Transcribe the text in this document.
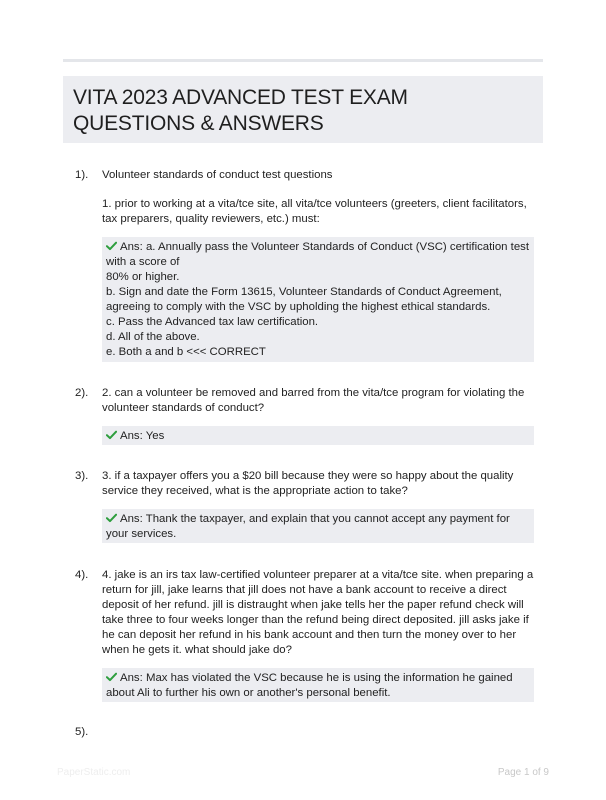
VITA 2023 ADVANCED TEST EXAM QUESTIONS & ANSWERS
1). Volunteer standards of conduct test questions

1. prior to working at a vita/tce site, all vita/tce volunteers (greeters, client facilitators, tax preparers, quality reviewers, etc.) must:

Ans: a. Annually pass the Volunteer Standards of Conduct (VSC) certification test with a score of
80% or higher.
b. Sign and date the Form 13615, Volunteer Standards of Conduct Agreement, agreeing to comply with the VSC by upholding the highest ethical standards.
c. Pass the Advanced tax law certification.
d. All of the above.
e. Both a and b <<< CORRECT
2). 2. can a volunteer be removed and barred from the vita/tce program for violating the volunteer standards of conduct?

Ans: Yes
3). 3. if a taxpayer offers you a $20 bill because they were so happy about the quality service they received, what is the appropriate action to take?

Ans: Thank the taxpayer, and explain that you cannot accept any payment for your services.
4). 4. jake is an irs tax law-certified volunteer preparer at a vita/tce site. when preparing a return for jill, jake learns that jill does not have a bank account to receive a direct deposit of her refund. jill is distraught when jake tells her the paper refund check will take three to four weeks longer than the refund being direct deposited. jill asks jake if he can deposit her refund in his bank account and then turn the money over to her when he gets it. what should jake do?

Ans: Max has violated the VSC because he is using the information he gained about Ali to further his own or another's personal benefit.
5).
PaperStatic.com	Page 1 of 9
